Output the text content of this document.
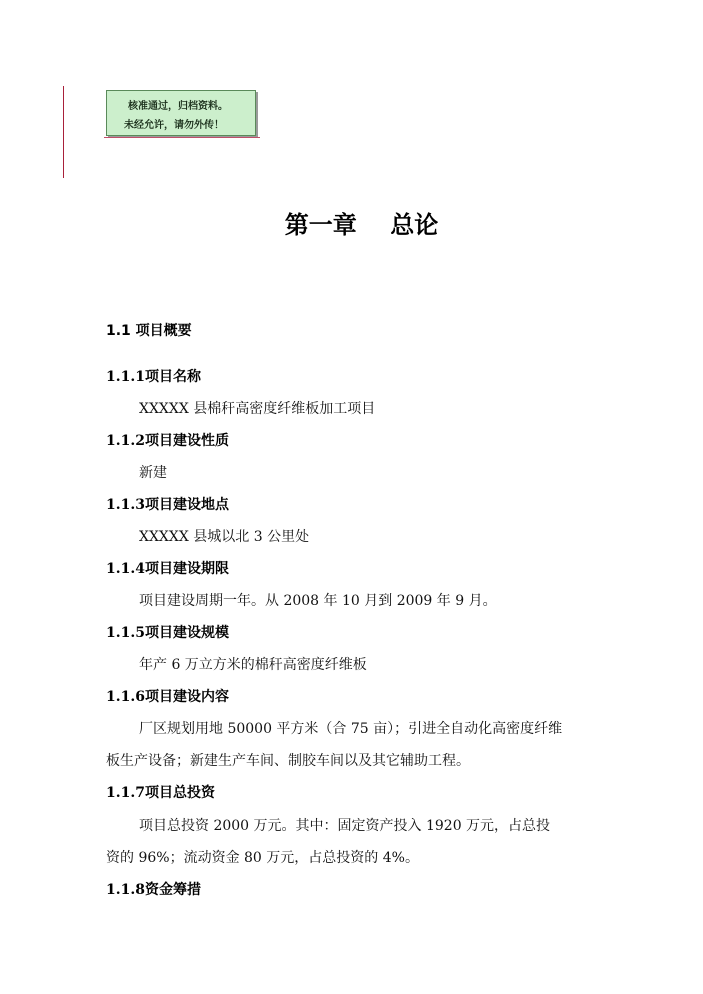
核准通过，归档资料。
未经允许，请勿外传！
第一章    总论
1.1 项目概要
1.1.1项目名称
XXXXX 县棉秆高密度纤维板加工项目
1.1.2项目建设性质
新建
1.1.3项目建设地点
XXXXX 县城以北 3 公里处
1.1.4项目建设期限
项目建设周期一年。从 2008 年 10 月到 2009 年 9 月。
1.1.5项目建设规模
年产 6 万立方米的棉秆高密度纤维板
1.1.6项目建设内容
厂区规划用地 50000 平方米（合 75 亩）；引进全自动化高密度纤维
板生产设备；新建生产车间、制胶车间以及其它辅助工程。
1.1.7项目总投资
项目总投资 2000 万元。其中：固定资产投入 1920 万元，占总投
资的 96%；流动资金 80 万元，占总投资的 4%。
1.1.8资金筹措
